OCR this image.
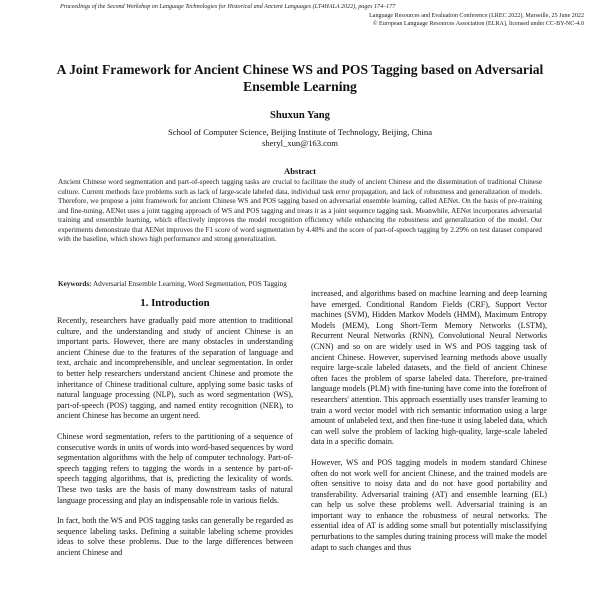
Proceedings of the Second Workshop on Language Technologies for Historical and Ancient Languages (LT4HALA 2022), pages 174–177
Language Resources and Evaluation Conference (LREC 2022), Marseille, 25 June 2022
© European Language Resources Association (ELRA), licensed under CC-BY-NC-4.0
A Joint Framework for Ancient Chinese WS and POS Tagging based on Adversarial Ensemble Learning
Shuxun Yang
School of Computer Science, Beijing Institute of Technology, Beijing, China
sheryl_xun@163.com
Abstract
Ancient Chinese word segmentation and part-of-speech tagging tasks are crucial to facilitate the study of ancient Chinese and the dissemination of traditional Chinese culture. Current methods face problems such as lack of large-scale labeled data, individual task error propagation, and lack of robustness and generalization of models. Therefore, we propose a joint framework for ancient Chinese WS and POS tagging based on adversarial ensemble learning, called AENet. On the basis of pre-training and fine-tuning, AENet uses a joint tagging approach of WS and POS tagging and treats it as a joint sequence tagging task. Meanwhile, AENet incorporates adversarial training and ensemble learning, which effectively improves the model recognition efficiency while enhancing the robustness and generalization of the model. Our experiments demonstrate that AENet improves the F1 score of word segmentation by 4.48% and the score of part-of-speech tagging by 2.29% on test dataset compared with the baseline, which shows high performance and strong generalization.
Keywords: Adversarial Ensemble Learning, Word Segmentation, POS Tagging
1. Introduction

Recently, researchers have gradually paid more attention to traditional culture, and the understanding and study of ancient Chinese is an important parts. However, there are many obstacles in understanding ancient Chinese due to the features of the separation of language and text, archaic and incomprehensible, and unclear segmentation. In order to better help researchers understand ancient Chinese and promote the inheritance of Chinese traditional culture, applying some basic tasks of natural language processing (NLP), such as word segmentation (WS), part-of-speech (POS) tagging, and named entity recognition (NER), to ancient Chinese has become an urgent need.

Chinese word segmentation, refers to the partitioning of a sequence of consecutive words in units of words into word-based sequences by word segmentation algorithms with the help of computer technology. Part-of-speech tagging refers to tagging the words in a sentence by part-of-speech tagging algorithms, that is, predicting the lexicality of words. These two tasks are the basis of many downstream tasks of natural language processing and play an indispensable role in various fields.

In fact, both the WS and POS tagging tasks can generally be regarded as sequence labeling tasks. Defining a suitable labeling scheme provides ideas to solve these problems. Due to the large differences between ancient Chinese and

increased, and algorithms based on machine learning and deep learning have emerged. Conditional Random Fields (CRF), Support Vector machines (SVM), Hidden Markov Models (HMM), Maximum Entropy Models (MEM), Long Short-Term Memory Networks (LSTM), Recurrent Neural Networks (RNN), Convolutional Neural Networks (CNN) and so on are widely used in WS and POS tagging task of ancient Chinese. However, supervised learning methods above usually require large-scale labeled datasets, and the field of ancient Chinese often faces the problem of sparse labeled data. Therefore, pre-trained language models (PLM) with fine-tuning have come into the forefront of researchers' attention. This approach essentially uses transfer learning to train a word vector model with rich semantic information using a large amount of unlabeled text, and then fine-tune it using labeled data, which can well solve the problem of lacking high-quality, large-scale labeled data in a specific domain.

However, WS and POS tagging models in modern standard Chinese often do not work well for ancient Chinese, and the trained models are often sensitive to noisy data and do not have good portability and transferability. Adversarial training (AT) and ensemble learning (EL) can help us solve these problems well. Adversarial training is an important way to enhance the robustness of neural networks. The essential idea of AT is adding some small but potentially misclassifying perturbations to the samples during training process will make the model adapt to such changes and thus
